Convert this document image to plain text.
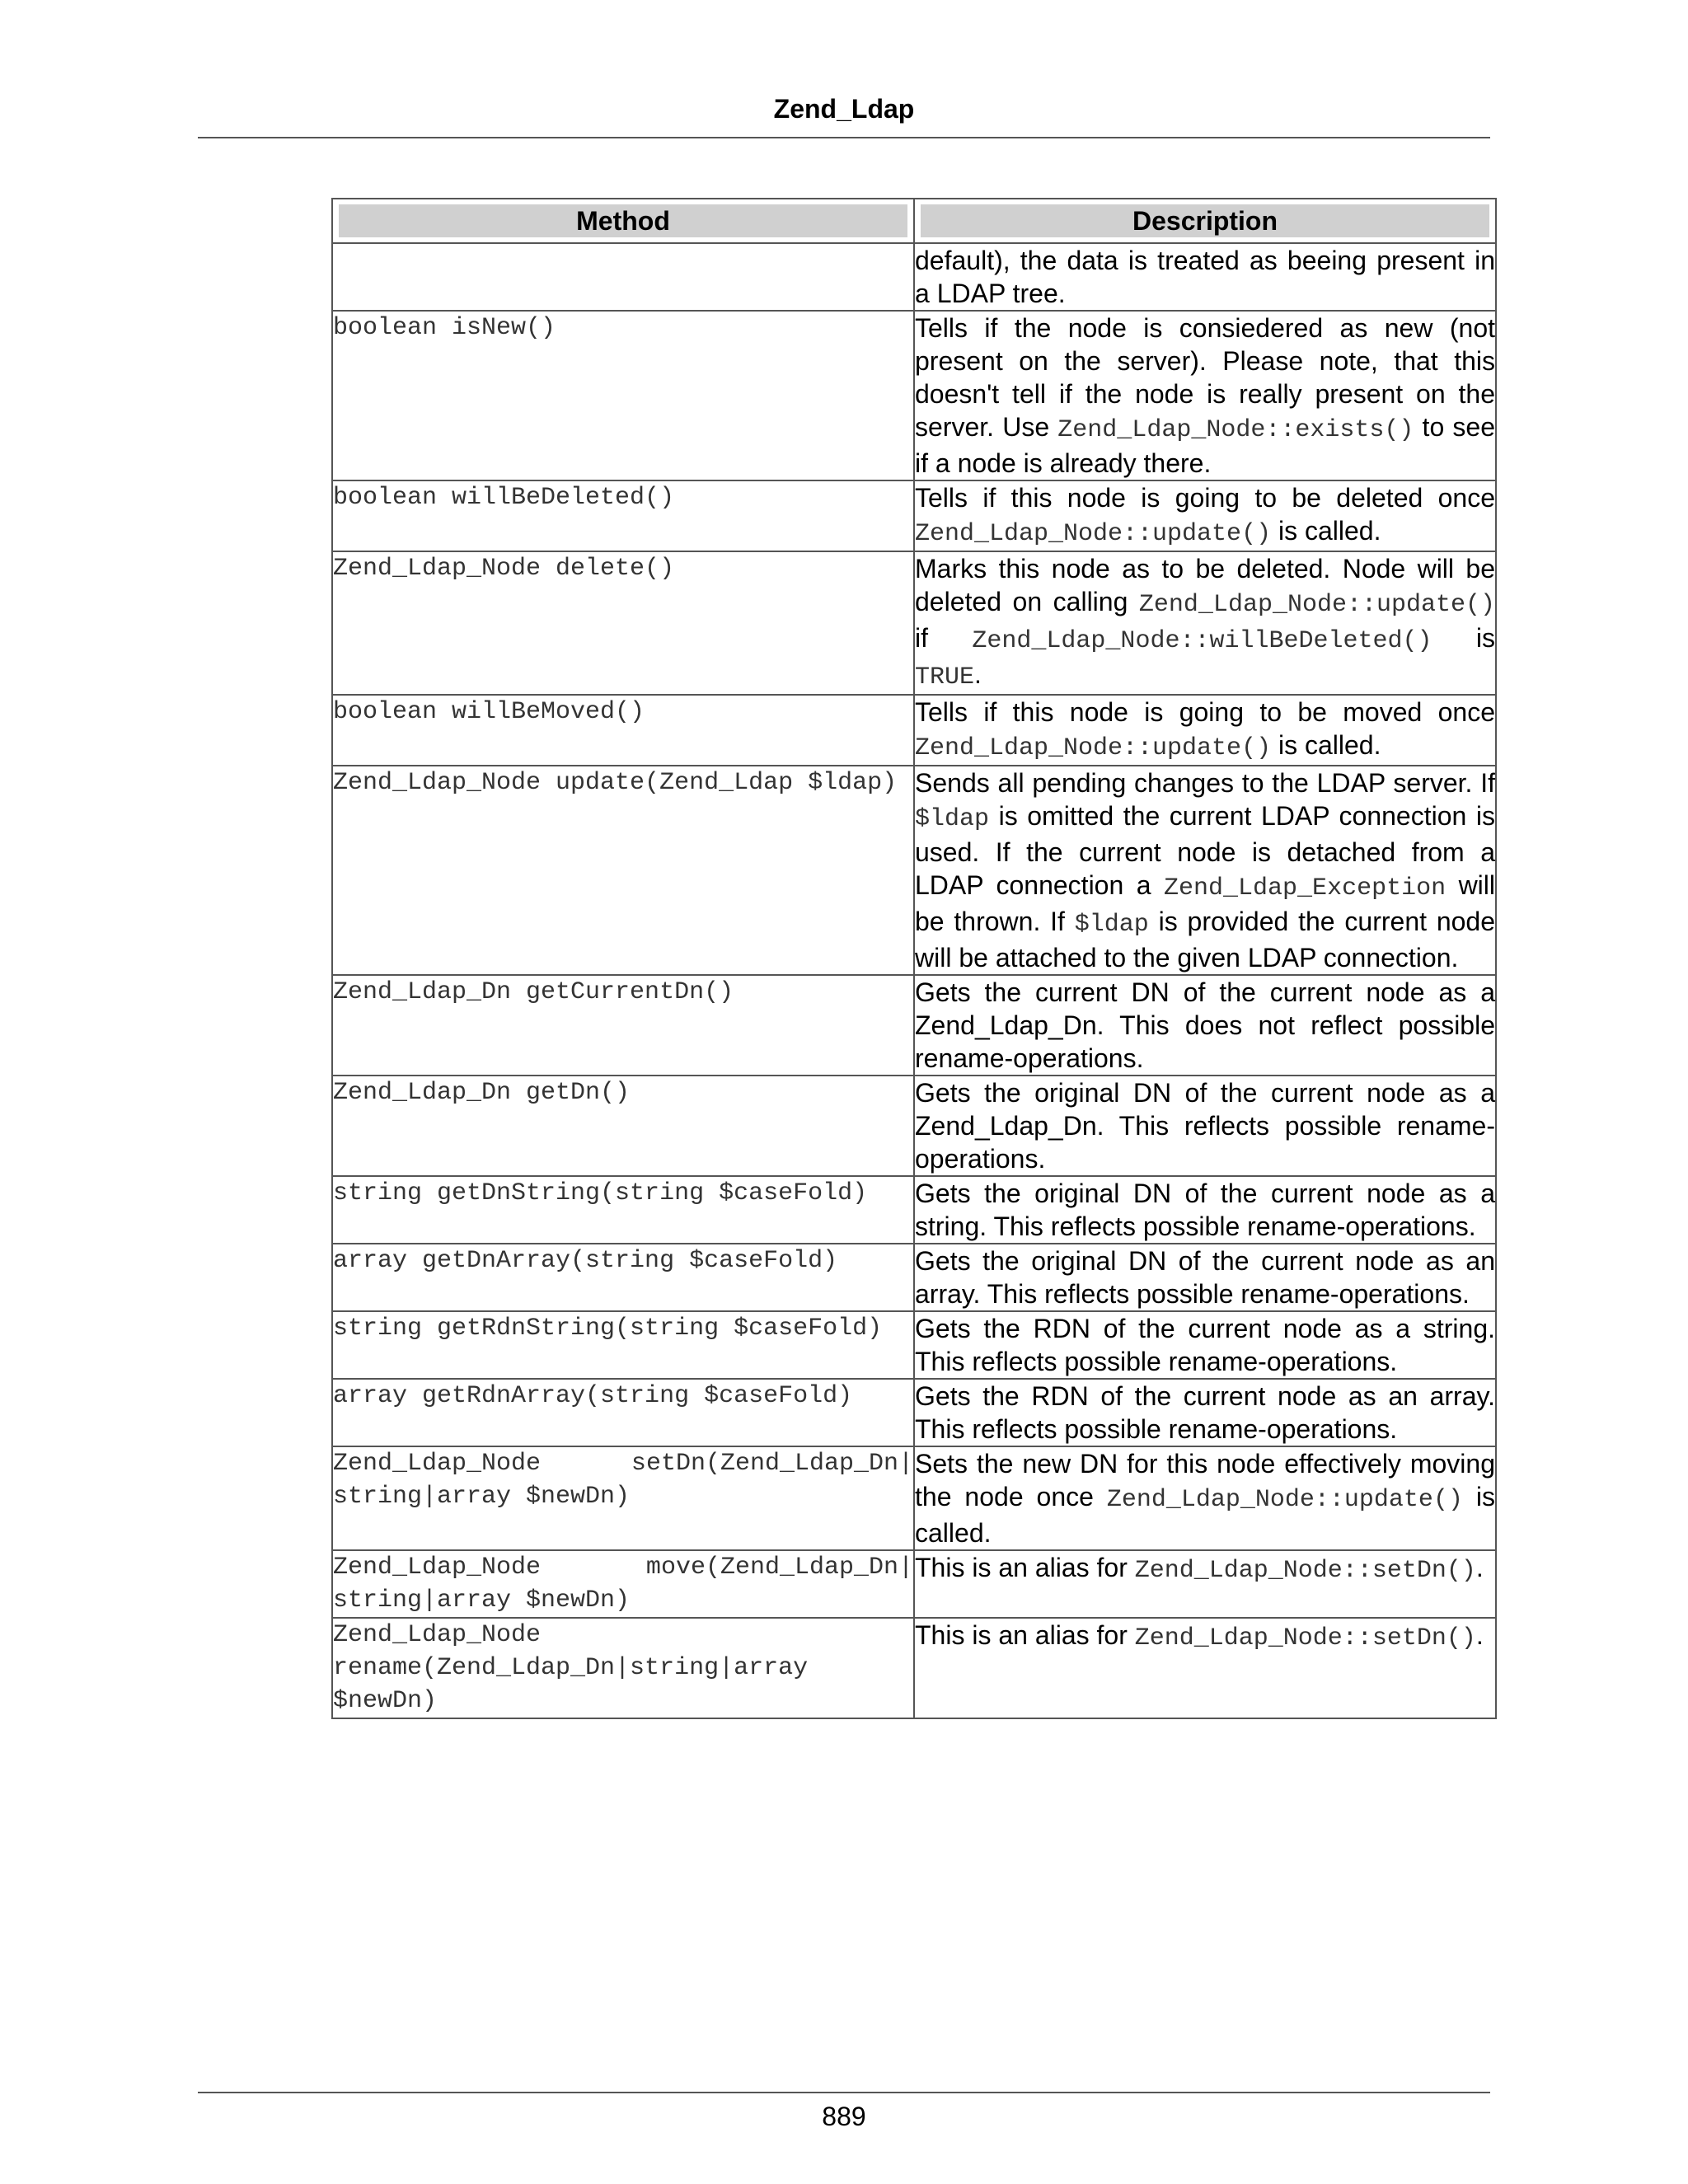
Zend_Ldap
Method	Description

	default), the data is treated as beeing present in a LDAP tree.
boolean isNew()	Tells if the node is consiedered as new (not present on the server). Please note, that this doesn't tell if the node is really present on the server. Use Zend_Ldap_Node::exists() to see if a node is already there.
boolean willBeDeleted()	Tells if this node is going to be deleted once Zend_Ldap_Node::update() is called.
Zend_Ldap_Node delete()	Marks this node as to be deleted. Node will be deleted on calling Zend_Ldap_Node::update() if Zend_Ldap_Node::willBeDeleted() is TRUE.
boolean willBeMoved()	Tells if this node is going to be moved once Zend_Ldap_Node::update() is called.
Zend_Ldap_Node update(Zend_Ldap $ldap)	Sends all pending changes to the LDAP server. If $ldap is omitted the current LDAP connection is used. If the current node is detached from a LDAP connection a Zend_Ldap_Exception will be thrown. If $ldap is provided the current node will be attached to the given LDAP connection.
Zend_Ldap_Dn getCurrentDn()	Gets the current DN of the current node as a Zend_Ldap_Dn. This does not reflect possible rename-operations.
Zend_Ldap_Dn getDn()	Gets the original DN of the current node as a Zend_Ldap_Dn. This reflects possible rename-operations.
string getDnString(string $caseFold)	Gets the original DN of the current node as a string. This reflects possible rename-operations.
array getDnArray(string $caseFold)	Gets the original DN of the current node as an array. This reflects possible rename-operations.
string getRdnString(string $caseFold)	Gets the RDN of the current node as a string. This reflects possible rename-operations.
array getRdnArray(string $caseFold)	Gets the RDN of the current node as an array. This reflects possible rename-operations.
Zend_Ldap_Node setDn(Zend_Ldap_Dn| string|array $newDn)	Sets the new DN for this node effectively moving the node once Zend_Ldap_Node::update() is called.
Zend_Ldap_Node move(Zend_Ldap_Dn| string|array $newDn)	This is an alias for Zend_Ldap_Node::setDn().
Zend_Ldap_Node rename(Zend_Ldap_Dn|string|array $newDn)	This is an alias for Zend_Ldap_Node::setDn().
889
